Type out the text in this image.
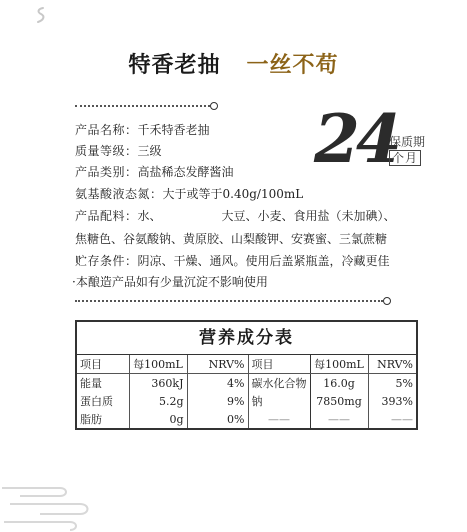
特香老抽 一丝不苟
产品名称：千禾特香老抽
质量等级：三级
产品类别：高盐稀态发酵酱油
氨基酸液态氮：大于或等于0.40g/100mL
产品配料：水、	大豆、小麦、食用盐（未加碘）、
焦糖色、谷氨酸钠、黄原胶、山梨酸钾、安赛蜜、三氯蔗糖
贮存条件：阴凉、干燥、通风。使用后盖紧瓶盖，冷藏更佳
·本酿造产品如有少量沉淀不影响使用
24
保质期
个月
营养成分表
项目	每100mL	NRV%	项目	每100mL	NRV%
能量	360kJ	4%	碳水化合物	16.0g	5%
蛋白质	5.2g	9%	钠	7850mg	393%
脂肪	0g	0%	——	——	——
